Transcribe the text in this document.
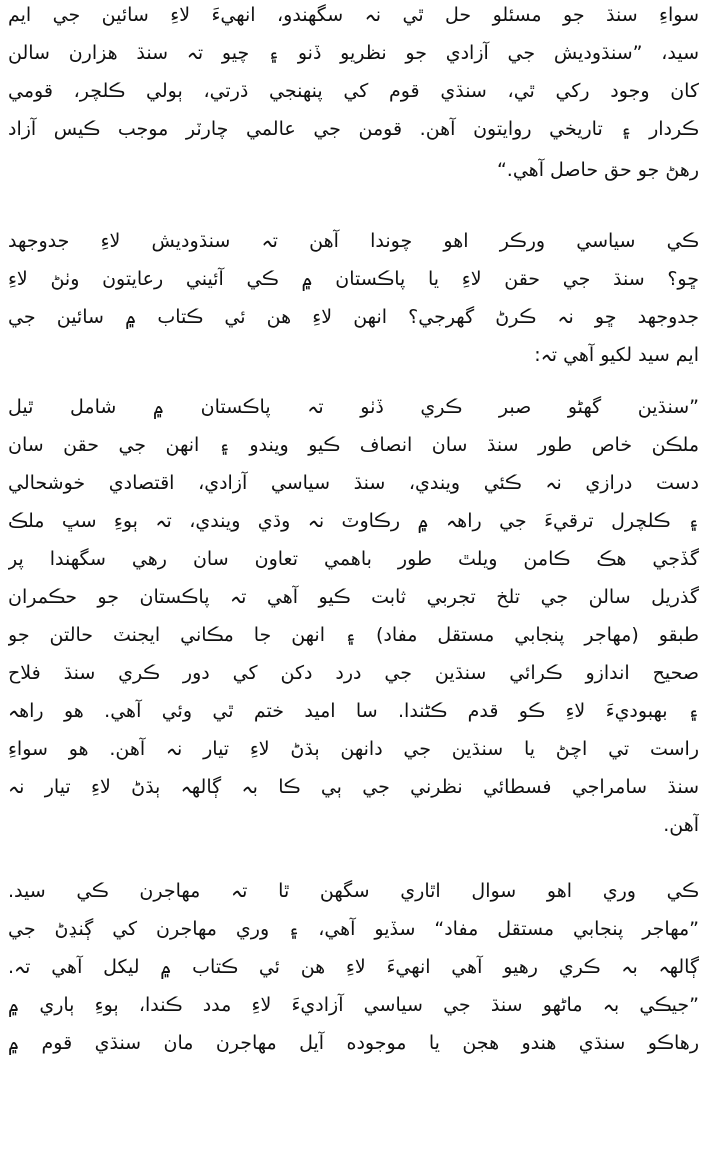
سواءِ سنڌ جو مسئلو حل ٿي نہ سگهندو، انهيءَ لاءِ سائين جي ايم
سيد، ”سنڌوديش جي آزادي جو نظريو ڏنو ۽ چيو تہ سنڌ هزارن سالن
کان وجود رکي ٿي، سنڌي قوم کي پنهنجي ڌرتي، ٻولي ڪلچر، قومي
ڪردار ۽ تاريخي روايتون آهن. قومن جي عالمي چارٽر موجب ڪيس آزاد
رهڻ جو حق حاصل آهي.“
ڪي سياسي ورڪر اهو چوندا آهن تہ سنڌوديش لاءِ جدوجهد
ڇو؟ سنڌ جي حقن لاءِ يا پاڪستان ۾ ڪي آئيني رعايتون وٺڻ لاءِ
جدوجهد ڇو نہ ڪرڻ گهرجي؟ انهن لاءِ هن ئي ڪتاب ۾ سائين جي
ايم سيد لکيو آهي تہ:
”سنڌين گهڻو صبر ڪري ڏٺو تہ پاڪستان ۾ شامل ٿيل
ملڪن خاص طور سنڌ سان انصاف ڪيو ويندو ۽ انهن جي حقن سان
دست درازي نہ ڪئي ويندي، سنڌ سياسي آزادي، اقتصادي خوشحالي
۽ ڪلچرل ترقيءَ جي راهہ ۾ رڪاوٽ نہ وڌي ويندي، تہ ٻوءِ سڀ ملڪ
گڏجي هڪ ڪامن ويلٿ طور باهمي تعاون سان رهي سگهندا پر
گذريل سالن جي تلخ تجربي ثابت ڪيو آهي تہ پاڪستان جو حڪمران
طبقو (مهاجر پنجابي مستقل مفاد) ۽ انهن جا مڪاني ايجنٽ حالتن جو
صحيح اندازو ڪرائي سنڌين جي درد دکن کي دور ڪري سنڌ فلاح
۽ بهبوديءَ لاءِ ڪو قدم ڪڻندا. سا اميد ختم ٿي وئي آهي. هو راهہ
راست تي اچڻ يا سنڌين جي دانهن ٻڌڻ لاءِ تيار نہ آهن. هو سواءِ
سنڌ سامراجي فسطائي نظرني جي ٻي ڪا بہ ڳالهہ ٻڌڻ لاءِ تيار نہ
آهن.
ڪي وري اهو سوال اٿاري سگهن ٿا تہ مهاجرن ڪي سيد.
”مهاجر پنجابي مستقل مفاد“ سڏيو آهي، ۽ وري مهاجرن کي ڳنڍڻ جي
ڳالهہ بہ ڪري رهيو آهي انهيءَ لاءِ هن ئي ڪتاب ۾ ليکل آهي تہ.
”جيڪي بہ ماڻهو سنڌ جي سياسي آزاديءَ لاءِ مدد ڪندا، ٻوءِ ٻاري ۾
رهاڪو سنڌي هندو هجن يا موجوده آيل مهاجرن مان سنڌي قوم ۾
